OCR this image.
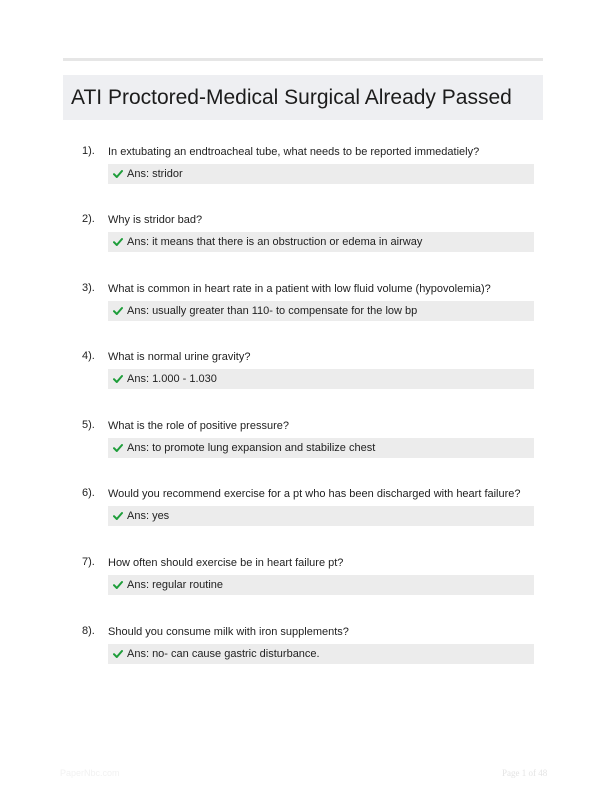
ATI Proctored-Medical Surgical Already Passed
1). In extubating an endtroacheal tube, what needs to be reported immedatiely?
Ans: stridor
2). Why is stridor bad?
Ans: it means that there is an obstruction or edema in airway
3). What is common in heart rate in a patient with low fluid volume (hypovolemia)?
Ans: usually greater than 110- to compensate for the low bp
4). What is normal urine gravity?
Ans: 1.000 - 1.030
5). What is the role of positive pressure?
Ans: to promote lung expansion and stabilize chest
6). Would you recommend exercise for a pt who has been discharged with heart failure?
Ans: yes
7). How often should exercise be in heart failure pt?
Ans: regular routine
8). Should you consume milk with iron supplements?
Ans: no- can cause gastric disturbance.
PaperNbc.com	Page 1 of 48
